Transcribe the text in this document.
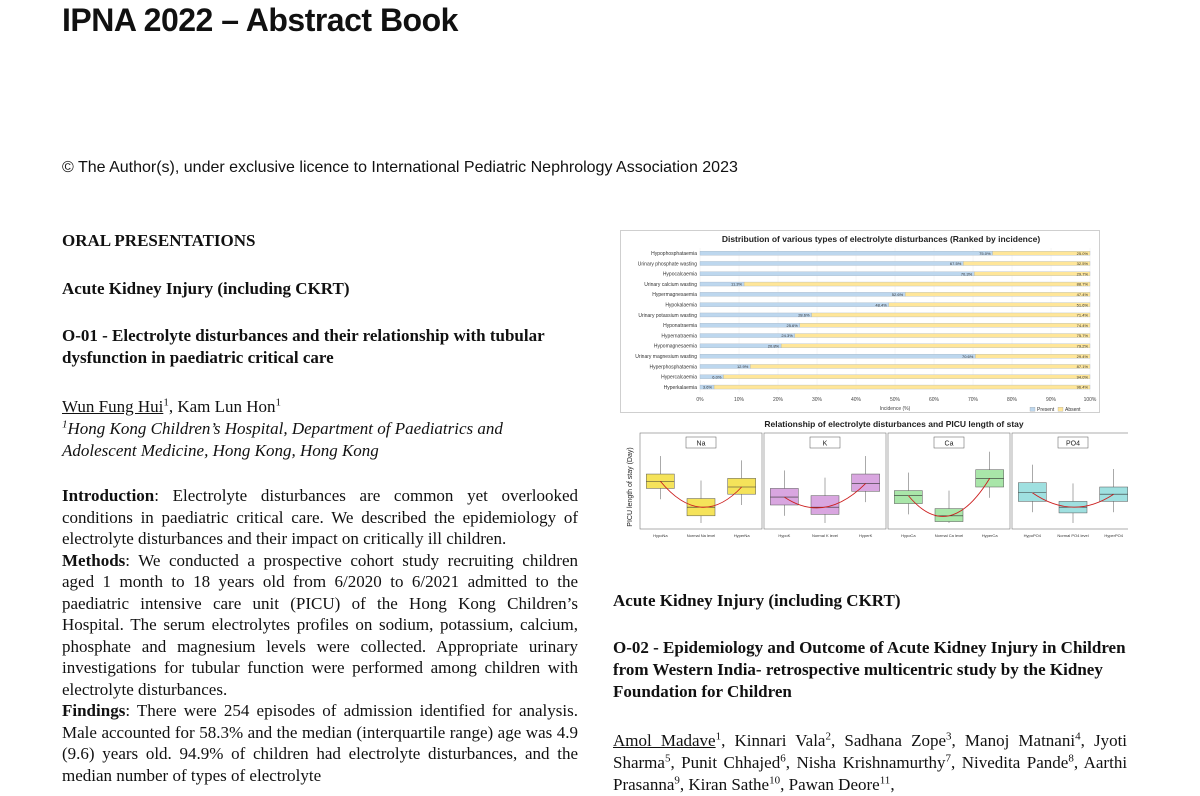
IPNA 2022 – Abstract Book
© The Author(s), under exclusive licence to International Pediatric Nephrology Association 2023
ORAL PRESENTATIONS
Acute Kidney Injury (including CKRT)
O-01 - Electrolyte disturbances and their relationship with tubular dysfunction in paediatric critical care
Wun Fung Hui$^1$, Kam Lun Hon$^1$
$^1$Hong Kong Children’s Hospital, Department of Paediatrics and Adolescent Medicine, Hong Kong, Hong Kong
Introduction: Electrolyte disturbances are common yet overlooked conditions in paediatric critical care. We described the epidemiology of electrolyte disturbances and their impact on critically ill children.
Methods: We conducted a prospective cohort study recruiting children aged 1 month to 18 years old from 6/2020 to 6/2021 admitted to the paediatric intensive care unit (PICU) of the Hong Kong Children’s Hospital. The serum electrolytes profiles on sodium, potassium, calcium, phosphate and magnesium levels were collected. Appropriate urinary investigations for tubular function were performed among children with electrolyte disturbances.
Findings: There were 254 episodes of admission identified for analysis. Male accounted for 58.3% and the median (interquartile range) age was 4.9 (9.6) years old. 94.9% of children had electrolyte disturbances, and the median number of types of electrolyte
Distribution of various types of electrolyte disturbances (Ranked by incidence)
0%	10%	20%	30%	40%	50%	60%	70%	80%	90%	100%
Incidence (%)
Hypophosphataemia	75.0%	25.0%
Urinary phosphate wasting	67.5%	32.5%
Hypocalcaemia	70.3%	29.7%
Urinary calcium wasting	11.3%	88.7%
Hypermagnesaemia	52.6%	47.4%
Hypokalaemia	48.4%	51.6%
Urinary potassium wasting	28.6%	71.4%
Hyponatraemia	25.6%	74.4%
Hypernatraemia	24.3%	75.7%
Hypomagnesaemia	20.8%	79.2%
Urinary magnesium wasting	70.6%	29.4%
Hyperphosphataemia	12.9%	87.1%
Hypercalcaemia	6.0%	94.0%
Hyperkalaemia 3.6%	96.4%
Present Absent
Relationship of electrolyte disturbances and PICU length of stay
PICU length of stay (Day)
Na
HypoNa	Normal Na level	HyperNa
K
HypoK	Normal K level	HyperK
Ca
HypoCa	Normal Ca level	HyperCa
PO4
HypoPO4	Normal PO4 level	HyperPO4
Acute Kidney Injury (including CKRT)
O-02 - Epidemiology and Outcome of Acute Kidney Injury in Children from Western India- retrospective multicentric study by the Kidney Foundation for Children
Amol Madave$^1$, Kinnari Vala$^2$, Sadhana Zope$^3$, Manoj Matnani$^4$, Jyoti Sharma$^5$, Punit Chhajed$^6$, Nisha Krishnamurthy$^7$, Nivedita Pande$^8$, Aarthi Prasanna$^9$, Kiran Sathe$^{10}$, Pawan Deore$^{11}$,
